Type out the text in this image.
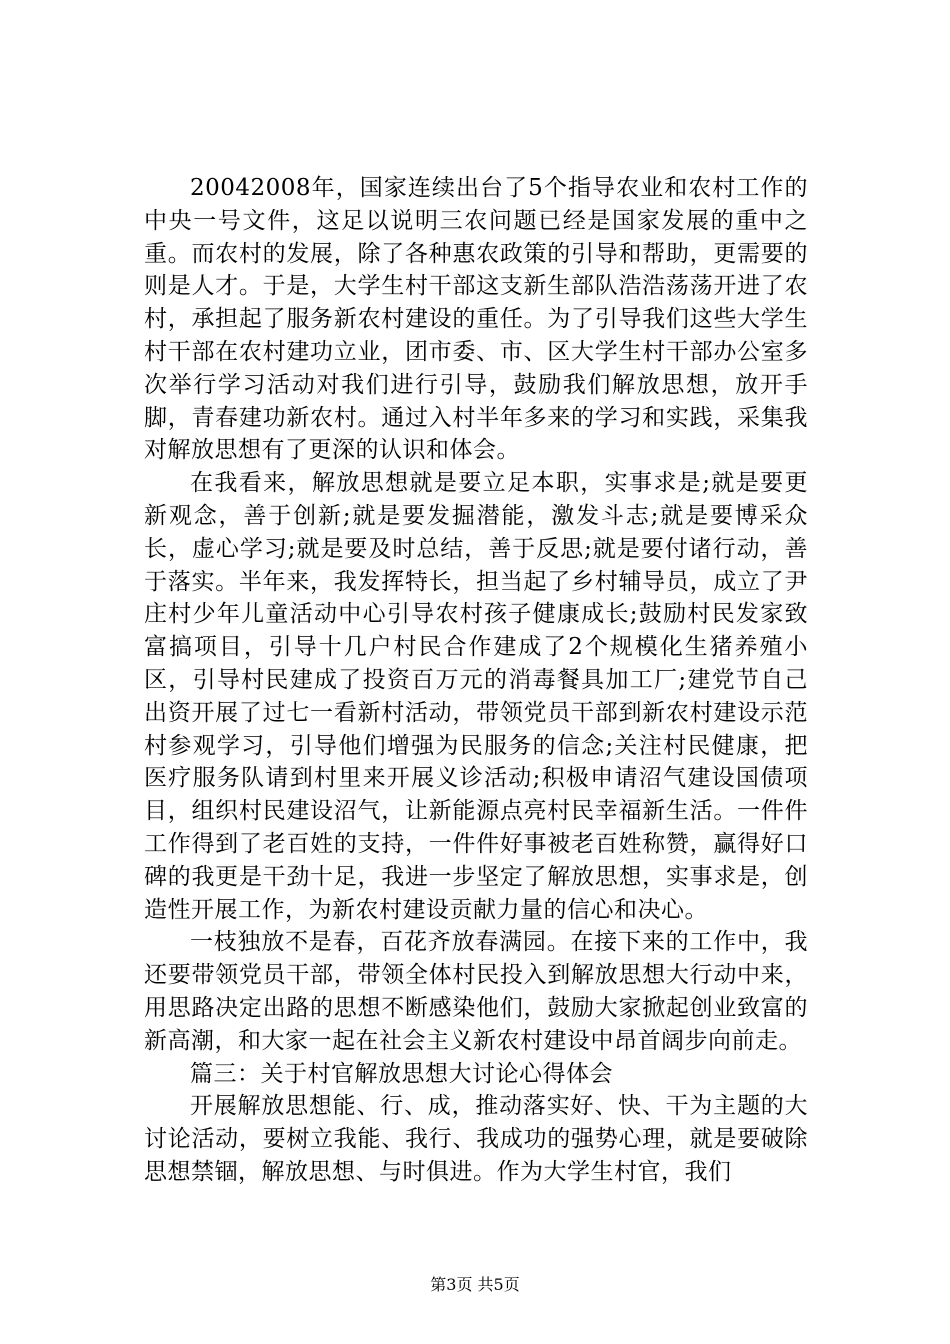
20042008年，国家连续出台了5个指导农业和农村工作的中央一号文件，这足以说明三农问题已经是国家发展的重中之重。而农村的发展，除了各种惠农政策的引导和帮助，更需要的则是人才。于是，大学生村干部这支新生部队浩浩荡荡开进了农村，承担起了服务新农村建设的重任。为了引导我们这些大学生村干部在农村建功立业，团市委、市、区大学生村干部办公室多次举行学习活动对我们进行引导，鼓励我们解放思想，放开手脚，青春建功新农村。通过入村半年多来的学习和实践，采集我对解放思想有了更深的认识和体会。

在我看来，解放思想就是要立足本职，实事求是;就是要更新观念，善于创新;就是要发掘潜能，激发斗志;就是要博采众长，虚心学习;就是要及时总结，善于反思;就是要付诸行动，善于落实。半年来，我发挥特长，担当起了乡村辅导员，成立了尹庄村少年儿童活动中心引导农村孩子健康成长;鼓励村民发家致富搞项目，引导十几户村民合作建成了2个规模化生猪养殖小区，引导村民建成了投资百万元的消毒餐具加工厂;建党节自己出资开展了过七一看新村活动，带领党员干部到新农村建设示范村参观学习，引导他们增强为民服务的信念;关注村民健康，把医疗服务队请到村里来开展义诊活动;积极申请沼气建设国债项目，组织村民建设沼气，让新能源点亮村民幸福新生活。一件件工作得到了老百姓的支持，一件件好事被老百姓称赞，赢得好口碑的我更是干劲十足，我进一步坚定了解放思想，实事求是，创造性开展工作，为新农村建设贡献力量的信心和决心。

一枝独放不是春，百花齐放春满园。在接下来的工作中，我还要带领党员干部，带领全体村民投入到解放思想大行动中来，用思路决定出路的思想不断感染他们，鼓励大家掀起创业致富的新高潮，和大家一起在社会主义新农村建设中昂首阔步向前走。

篇三：关于村官解放思想大讨论心得体会

开展解放思想能、行、成，推动落实好、快、干为主题的大讨论活动，要树立我能、我行、我成功的强势心理，就是要破除思想禁锢，解放思想、与时俱进。作为大学生村官，我们

第3页 共5页
